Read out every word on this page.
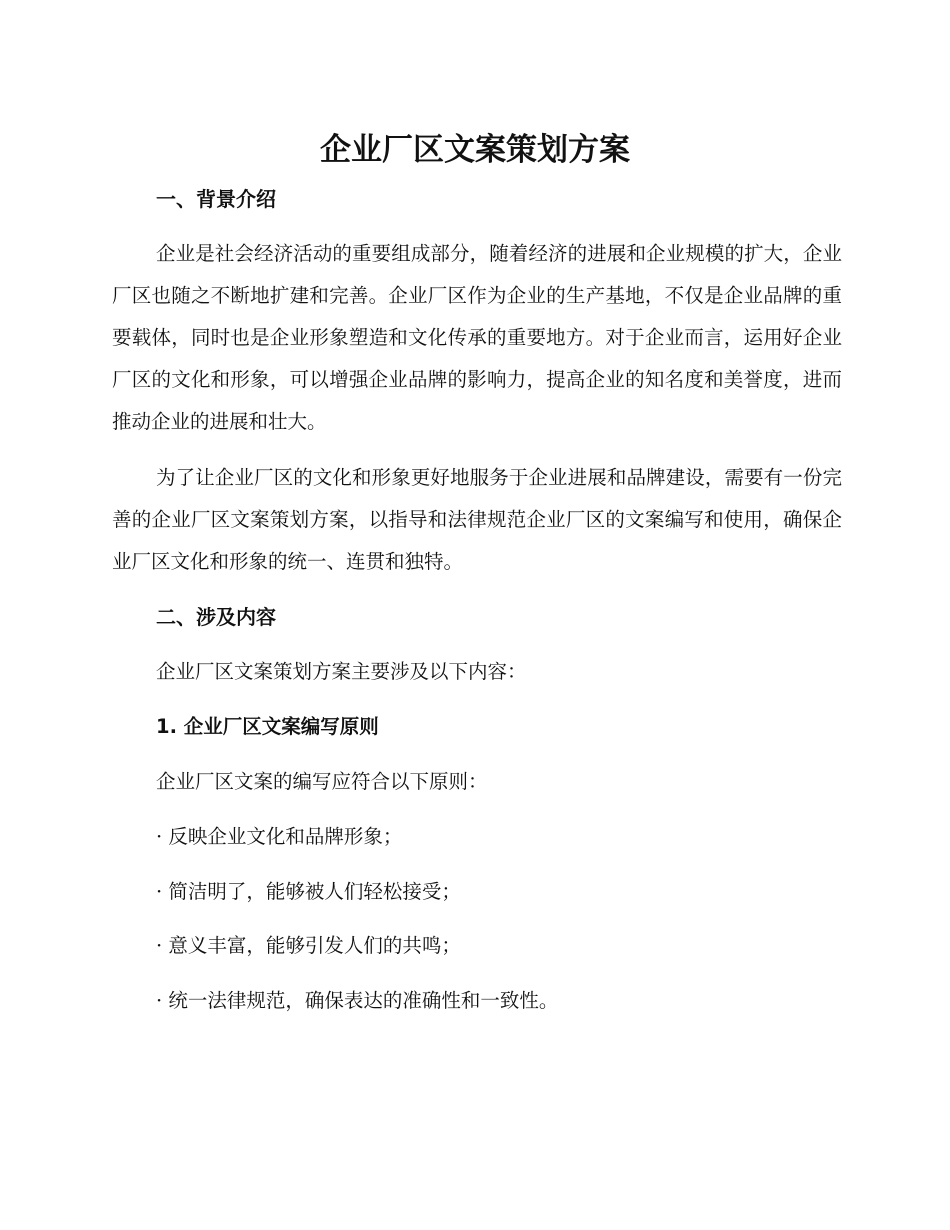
企业厂区文案策划方案
一、背景介绍

企业是社会经济活动的重要组成部分，随着经济的进展和企业规模的扩大，企业厂区也随之不断地扩建和完善。企业厂区作为企业的生产基地，不仅是企业品牌的重要载体，同时也是企业形象塑造和文化传承的重要地方。对于企业而言，运用好企业厂区的文化和形象，可以增强企业品牌的影响力，提高企业的知名度和美誉度，进而推动企业的进展和壮大。

为了让企业厂区的文化和形象更好地服务于企业进展和品牌建设，需要有一份完善的企业厂区文案策划方案，以指导和法律规范企业厂区的文案编写和使用，确保企业厂区文化和形象的统一、连贯和独特。

二、涉及内容

企业厂区文案策划方案主要涉及以下内容：

1. 企业厂区文案编写原则

企业厂区文案的编写应符合以下原则：

· 反映企业文化和品牌形象；

· 简洁明了，能够被人们轻松接受；

· 意义丰富，能够引发人们的共鸣；

· 统一法律规范，确保表达的准确性和一致性。
